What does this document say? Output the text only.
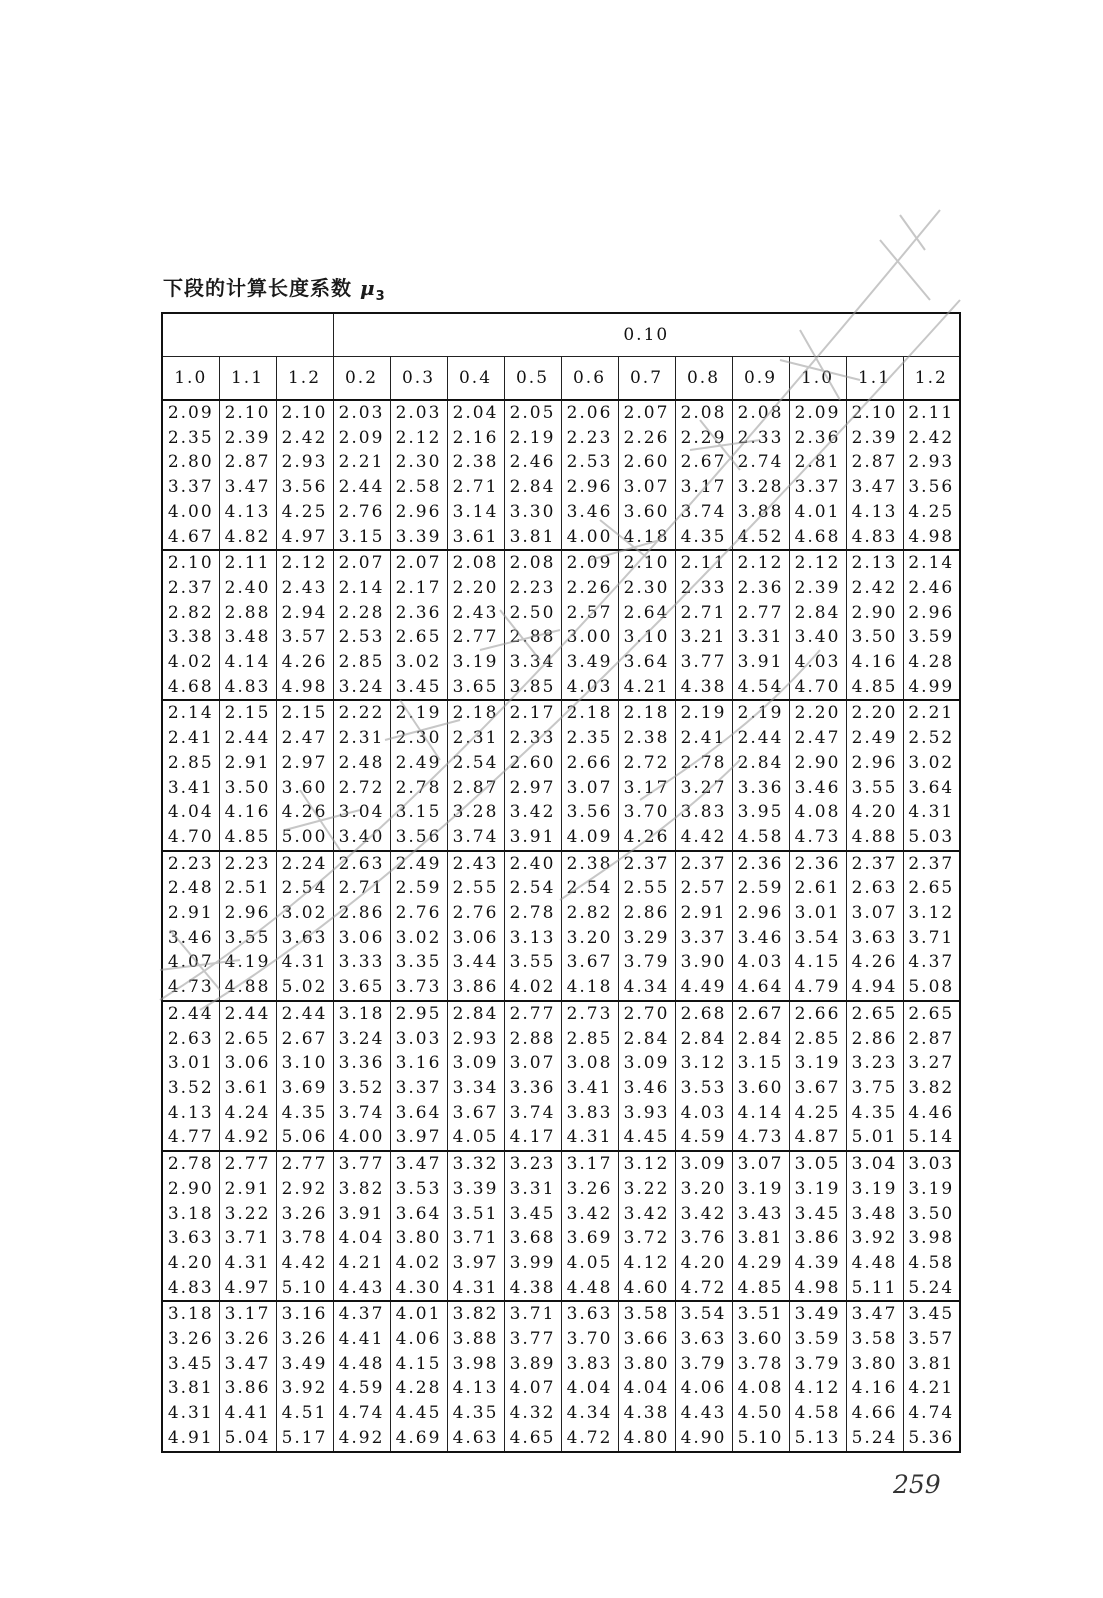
下段的计算长度系数 $\mu_3$
			0.10										
1.0	1.1	1.2	0.2	0.3	0.4	0.5	0.6	0.7	0.8	0.9	1.0	1.1	1.2
2.09	2.10	2.10	2.03	2.03	2.04	2.05	2.06	2.07	2.08	2.08	2.09	2.10	2.11
2.35	2.39	2.42	2.09	2.12	2.16	2.19	2.23	2.26	2.29	2.33	2.36	2.39	2.42
2.80	2.87	2.93	2.21	2.30	2.38	2.46	2.53	2.60	2.67	2.74	2.81	2.87	2.93
3.37	3.47	3.56	2.44	2.58	2.71	2.84	2.96	3.07	3.17	3.28	3.37	3.47	3.56
4.00	4.13	4.25	2.76	2.96	3.14	3.30	3.46	3.60	3.74	3.88	4.01	4.13	4.25
4.67	4.82	4.97	3.15	3.39	3.61	3.81	4.00	4.18	4.35	4.52	4.68	4.83	4.98
2.10	2.11	2.12	2.07	2.07	2.08	2.08	2.09	2.10	2.11	2.12	2.12	2.13	2.14
2.37	2.40	2.43	2.14	2.17	2.20	2.23	2.26	2.30	2.33	2.36	2.39	2.42	2.46
2.82	2.88	2.94	2.28	2.36	2.43	2.50	2.57	2.64	2.71	2.77	2.84	2.90	2.96
3.38	3.48	3.57	2.53	2.65	2.77	2.88	3.00	3.10	3.21	3.31	3.40	3.50	3.59
4.02	4.14	4.26	2.85	3.02	3.19	3.34	3.49	3.64	3.77	3.91	4.03	4.16	4.28
4.68	4.83	4.98	3.24	3.45	3.65	3.85	4.03	4.21	4.38	4.54	4.70	4.85	4.99
2.14	2.15	2.15	2.22	2.19	2.18	2.17	2.18	2.18	2.19	2.19	2.20	2.20	2.21
2.41	2.44	2.47	2.31	2.30	2.31	2.33	2.35	2.38	2.41	2.44	2.47	2.49	2.52
2.85	2.91	2.97	2.48	2.49	2.54	2.60	2.66	2.72	2.78	2.84	2.90	2.96	3.02
3.41	3.50	3.60	2.72	2.78	2.87	2.97	3.07	3.17	3.27	3.36	3.46	3.55	3.64
4.04	4.16	4.26	3.04	3.15	3.28	3.42	3.56	3.70	3.83	3.95	4.08	4.20	4.31
4.70	4.85	5.00	3.40	3.56	3.74	3.91	4.09	4.26	4.42	4.58	4.73	4.88	5.03
2.23	2.23	2.24	2.63	2.49	2.43	2.40	2.38	2.37	2.37	2.36	2.36	2.37	2.37
2.48	2.51	2.54	2.71	2.59	2.55	2.54	2.54	2.55	2.57	2.59	2.61	2.63	2.65
2.91	2.96	3.02	2.86	2.76	2.76	2.78	2.82	2.86	2.91	2.96	3.01	3.07	3.12
3.46	3.55	3.63	3.06	3.02	3.06	3.13	3.20	3.29	3.37	3.46	3.54	3.63	3.71
4.07	4.19	4.31	3.33	3.35	3.44	3.55	3.67	3.79	3.90	4.03	4.15	4.26	4.37
4.73	4.88	5.02	3.65	3.73	3.86	4.02	4.18	4.34	4.49	4.64	4.79	4.94	5.08
2.44	2.44	2.44	3.18	2.95	2.84	2.77	2.73	2.70	2.68	2.67	2.66	2.65	2.65
2.63	2.65	2.67	3.24	3.03	2.93	2.88	2.85	2.84	2.84	2.84	2.85	2.86	2.87
3.01	3.06	3.10	3.36	3.16	3.09	3.07	3.08	3.09	3.12	3.15	3.19	3.23	3.27
3.52	3.61	3.69	3.52	3.37	3.34	3.36	3.41	3.46	3.53	3.60	3.67	3.75	3.82
4.13	4.24	4.35	3.74	3.64	3.67	3.74	3.83	3.93	4.03	4.14	4.25	4.35	4.46
4.77	4.92	5.06	4.00	3.97	4.05	4.17	4.31	4.45	4.59	4.73	4.87	5.01	5.14
2.78	2.77	2.77	3.77	3.47	3.32	3.23	3.17	3.12	3.09	3.07	3.05	3.04	3.03
2.90	2.91	2.92	3.82	3.53	3.39	3.31	3.26	3.22	3.20	3.19	3.19	3.19	3.19
3.18	3.22	3.26	3.91	3.64	3.51	3.45	3.42	3.42	3.42	3.43	3.45	3.48	3.50
3.63	3.71	3.78	4.04	3.80	3.71	3.68	3.69	3.72	3.76	3.81	3.86	3.92	3.98
4.20	4.31	4.42	4.21	4.02	3.97	3.99	4.05	4.12	4.20	4.29	4.39	4.48	4.58
4.83	4.97	5.10	4.43	4.30	4.31	4.38	4.48	4.60	4.72	4.85	4.98	5.11	5.24
3.18	3.17	3.16	4.37	4.01	3.82	3.71	3.63	3.58	3.54	3.51	3.49	3.47	3.45
3.26	3.26	3.26	4.41	4.06	3.88	3.77	3.70	3.66	3.63	3.60	3.59	3.58	3.57
3.45	3.47	3.49	4.48	4.15	3.98	3.89	3.83	3.80	3.79	3.78	3.79	3.80	3.81
3.81	3.86	3.92	4.59	4.28	4.13	4.07	4.04	4.04	4.06	4.08	4.12	4.16	4.21
4.31	4.41	4.51	4.74	4.45	4.35	4.32	4.34	4.38	4.43	4.50	4.58	4.66	4.74
4.91	5.04	5.17	4.92	4.69	4.63	4.65	4.72	4.80	4.90	5.10	5.13	5.24	5.36
259
